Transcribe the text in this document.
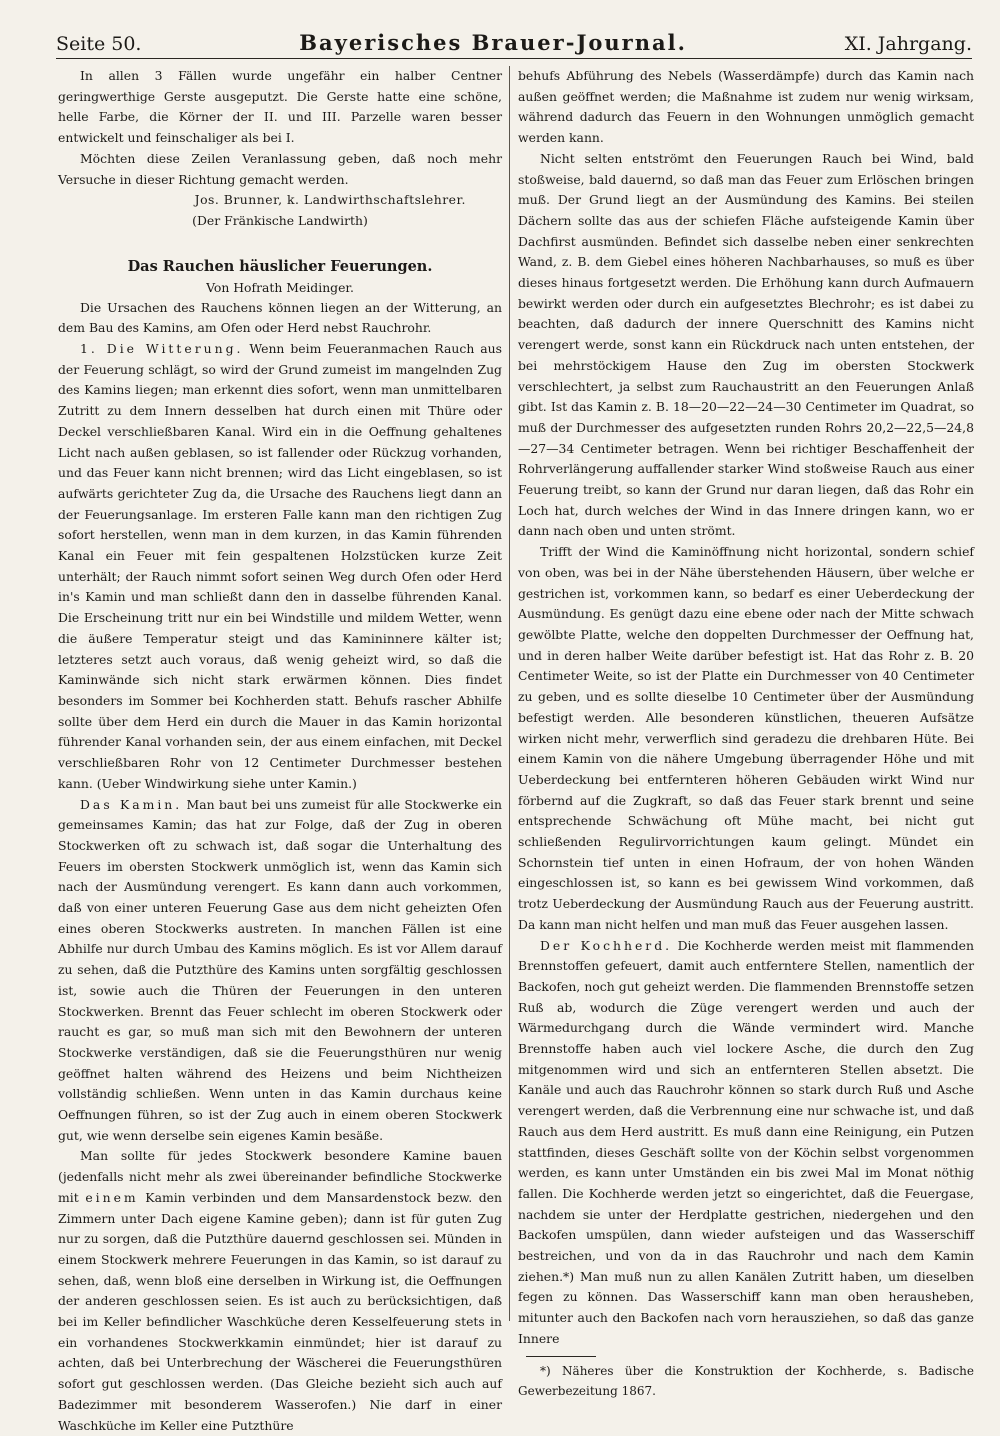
Seite 50.	Bayerisches Brauer-Journal.	XI. Jahrgang.

In allen 3 Fällen wurde ungefähr ein halber Centner geringwerthige Gerste ausgeputzt. Die Gerste hatte eine schöne, helle Farbe, die Körner der II. und III. Parzelle waren besser entwickelt und feinschaliger als bei I.

Möchten diese Zeilen Veranlassung geben, daß noch mehr Versuche in dieser Richtung gemacht werden.

Jos. Brunner, k. Landwirthschaftslehrer.
(Der Fränkische Landwirth)
Das Rauchen häuslicher Feuerungen.
Von Hofrath Meidinger.

Die Ursachen des Rauchens können liegen an der Witterung, an dem Bau des Kamins, am Ofen oder Herd nebst Rauchrohr.

1. Die Witterung. Wenn beim Feueranmachen Rauch aus der Feuerung schlägt, so wird der Grund zumeist im mangelnden Zug des Kamins liegen; man erkennt dies sofort, wenn man unmittelbaren Zutritt zu dem Innern desselben hat durch einen mit Thüre oder Deckel verschließbaren Kanal. Wird ein in die Oeffnung gehaltenes Licht nach außen geblasen, so ist fallender oder Rückzug vorhanden, und das Feuer kann nicht brennen; wird das Licht eingeblasen, so ist aufwärts gerichteter Zug da, die Ursache des Rauchens liegt dann an der Feuerungsanlage. Im ersteren Falle kann man den richtigen Zug sofort herstellen, wenn man in dem kurzen, in das Kamin führenden Kanal ein Feuer mit fein gespaltenen Holzstücken kurze Zeit unterhält; der Rauch nimmt sofort seinen Weg durch Ofen oder Herd in's Kamin und man schließt dann den in dasselbe führenden Kanal. Die Erscheinung tritt nur ein bei Windstille und mildem Wetter, wenn die äußere Temperatur steigt und das Kamininnere kälter ist; letzteres setzt auch voraus, daß wenig geheizt wird, so daß die Kaminwände sich nicht stark erwärmen können. Dies findet besonders im Sommer bei Kochherden statt. Behufs rascher Abhilfe sollte über dem Herd ein durch die Mauer in das Kamin horizontal führender Kanal vorhanden sein, der aus einem einfachen, mit Deckel verschließbaren Rohr von 12 Centimeter Durchmesser bestehen kann. (Ueber Windwirkung siehe unter Kamin.)

Das Kamin. Man baut bei uns zumeist für alle Stockwerke ein gemeinsames Kamin; das hat zur Folge, daß der Zug in oberen Stockwerken oft zu schwach ist, daß sogar die Unterhaltung des Feuers im obersten Stockwerk unmöglich ist, wenn das Kamin sich nach der Ausmündung verengert. Es kann dann auch vorkommen, daß von einer unteren Feuerung Gase aus dem nicht geheizten Ofen eines oberen Stockwerks austreten. In manchen Fällen ist eine Abhilfe nur durch Umbau des Kamins möglich. Es ist vor Allem darauf zu sehen, daß die Putzthüre des Kamins unten sorgfältig geschlossen ist, sowie auch die Thüren der Feuerungen in den unteren Stockwerken. Brennt das Feuer schlecht im oberen Stockwerk oder raucht es gar, so muß man sich mit den Bewohnern der unteren Stockwerke verständigen, daß sie die Feuerungsthüren nur wenig geöffnet halten während des Heizens und beim Nichtheizen vollständig schließen. Wenn unten in das Kamin durchaus keine Oeffnungen führen, so ist der Zug auch in einem oberen Stockwerk gut, wie wenn derselbe sein eigenes Kamin besäße.

Man sollte für jedes Stockwerk besondere Kamine bauen (jedenfalls nicht mehr als zwei übereinander befindliche Stockwerke mit einem Kamin verbinden und dem Mansardenstock bezw. den Zimmern unter Dach eigene Kamine geben); dann ist für guten Zug nur zu sorgen, daß die Putzthüre dauernd geschlossen sei. Münden in einem Stockwerk mehrere Feuerungen in das Kamin, so ist darauf zu sehen, daß, wenn bloß eine derselben in Wirkung ist, die Oeffnungen der anderen geschlossen seien. Es ist auch zu berücksichtigen, daß bei im Keller befindlicher Waschküche deren Kesselfeuerung stets in ein vorhandenes Stockwerkkamin einmündet; hier ist darauf zu achten, daß bei Unterbrechung der Wäscherei die Feuerungsthüren sofort gut geschlossen werden. (Das Gleiche bezieht sich auch auf Badezimmer mit besonderem Wasserofen.) Nie darf in einer Waschküche im Keller eine Putzthüre

behufs Abführung des Nebels (Wasserdämpfe) durch das Kamin nach außen geöffnet werden; die Maßnahme ist zudem nur wenig wirksam, während dadurch das Feuern in den Wohnungen unmöglich gemacht werden kann.

Nicht selten entströmt den Feuerungen Rauch bei Wind, bald stoßweise, bald dauernd, so daß man das Feuer zum Erlöschen bringen muß. Der Grund liegt an der Ausmündung des Kamins. Bei steilen Dächern sollte das aus der schiefen Fläche aufsteigende Kamin über Dachfirst ausmünden. Befindet sich dasselbe neben einer senkrechten Wand, z. B. dem Giebel eines höheren Nachbarhauses, so muß es über dieses hinaus fortgesetzt werden. Die Erhöhung kann durch Aufmauern bewirkt werden oder durch ein aufgesetztes Blechrohr; es ist dabei zu beachten, daß dadurch der innere Querschnitt des Kamins nicht verengert werde, sonst kann ein Rückdruck nach unten entstehen, der bei mehrstöckigem Hause den Zug im obersten Stockwerk verschlechtert, ja selbst zum Rauchaustritt an den Feuerungen Anlaß gibt. Ist das Kamin z. B. 18—20—22—24—30 Centimeter im Quadrat, so muß der Durchmesser des aufgesetzten runden Rohrs 20,2—22,5—24,8—27—34 Centimeter betragen. Wenn bei richtiger Beschaffenheit der Rohrverlängerung auffallender starker Wind stoßweise Rauch aus einer Feuerung treibt, so kann der Grund nur daran liegen, daß das Rohr ein Loch hat, durch welches der Wind in das Innere dringen kann, wo er dann nach oben und unten strömt.

Trifft der Wind die Kaminöffnung nicht horizontal, sondern schief von oben, was bei in der Nähe überstehenden Häusern, über welche er gestrichen ist, vorkommen kann, so bedarf es einer Ueberdeckung der Ausmündung. Es genügt dazu eine ebene oder nach der Mitte schwach gewölbte Platte, welche den doppelten Durchmesser der Oeffnung hat, und in deren halber Weite darüber befestigt ist. Hat das Rohr z. B. 20 Centimeter Weite, so ist der Platte ein Durchmesser von 40 Centimeter zu geben, und es sollte dieselbe 10 Centimeter über der Ausmündung befestigt werden. Alle besonderen künstlichen, theueren Aufsätze wirken nicht mehr, verwerflich sind geradezu die drehbaren Hüte. Bei einem Kamin von die nähere Umgebung überragender Höhe und mit Ueberdeckung bei entfernteren höheren Gebäuden wirkt Wind nur förbernd auf die Zugkraft, so daß das Feuer stark brennt und seine entsprechende Schwächung oft Mühe macht, bei nicht gut schließenden Regulirvorrichtungen kaum gelingt. Mündet ein Schornstein tief unten in einen Hofraum, der von hohen Wänden eingeschlossen ist, so kann es bei gewissem Wind vorkommen, daß trotz Ueberdeckung der Ausmündung Rauch aus der Feuerung austritt. Da kann man nicht helfen und man muß das Feuer ausgehen lassen.

Der Kochherd. Die Kochherde werden meist mit flammenden Brennstoffen gefeuert, damit auch entferntere Stellen, namentlich der Backofen, noch gut geheizt werden. Die flammenden Brennstoffe setzen Ruß ab, wodurch die Züge verengert werden und auch der Wärmedurchgang durch die Wände vermindert wird. Manche Brennstoffe haben auch viel lockere Asche, die durch den Zug mitgenommen wird und sich an entfernteren Stellen absetzt. Die Kanäle und auch das Rauchrohr können so stark durch Ruß und Asche verengert werden, daß die Verbrennung eine nur schwache ist, und daß Rauch aus dem Herd austritt. Es muß dann eine Reinigung, ein Putzen stattfinden, dieses Geschäft sollte von der Köchin selbst vorgenommen werden, es kann unter Umständen ein bis zwei Mal im Monat nöthig fallen. Die Kochherde werden jetzt so eingerichtet, daß die Feuergase, nachdem sie unter der Herdplatte gestrichen, niedergehen und den Backofen umspülen, dann wieder aufsteigen und das Wasserschiff bestreichen, und von da in das Rauchrohr und nach dem Kamin ziehen.*) Man muß nun zu allen Kanälen Zutritt haben, um dieselben fegen zu können. Das Wasserschiff kann man oben herausheben, mitunter auch den Backofen nach vorn herausziehen, so daß das ganze Innere

*) Näheres über die Konstruktion der Kochherde, s. Badische Gewerbezeitung 1867.
